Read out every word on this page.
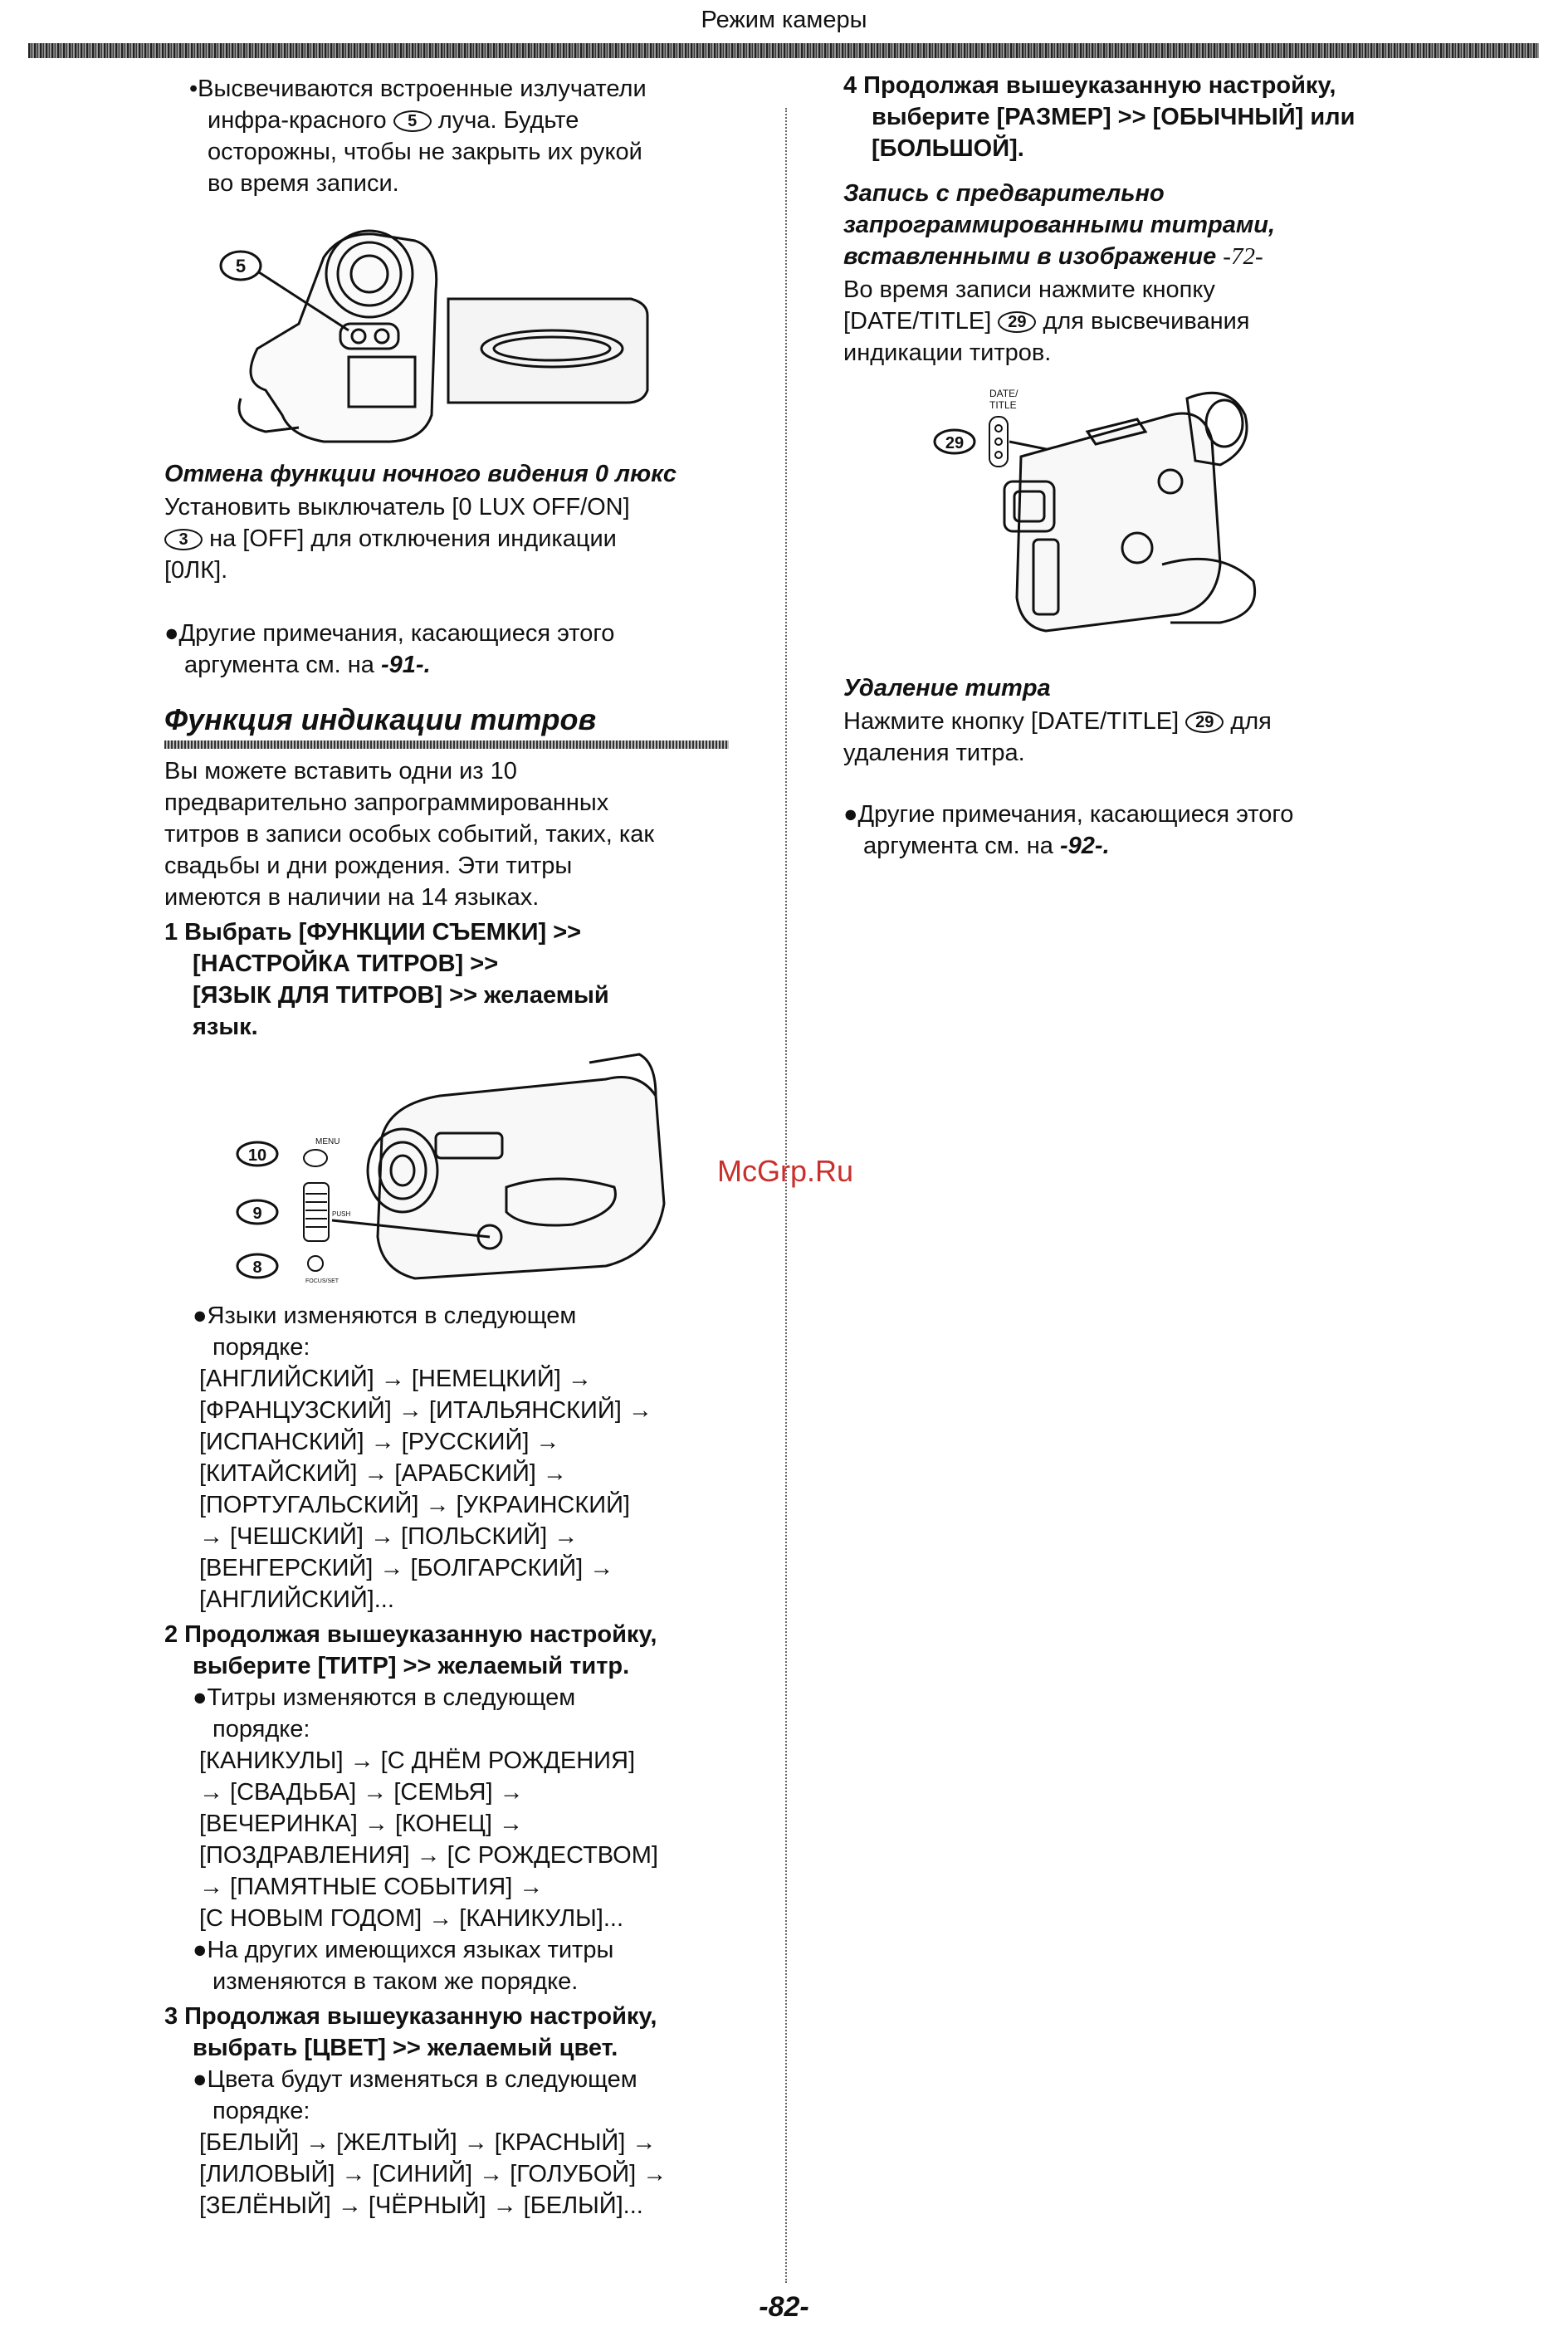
Режим камеры
•Высвечиваются встроенные излучатели
инфра-красного 5 луча. Будьте
осторожны, чтобы не закрыть их рукой
во время записи.
5
Отмена функции ночного видения 0 люкс
Установить выключатель [0 LUX OFF/ON]
3 на [OFF] для отключения индикации
[0ЛК].
●Другие примечания, касающиеся этого
аргумента см. на -91-.
Функция индикации титров
Вы можете вставить одни из 10
предварительно запрограммированных
титров в записи особых событий, таких, как
свадьбы и дни рождения. Эти титры
имеются в наличии на 14 языках.
1 Выбрать [ФУНКЦИИ СЪЕМКИ] >>
[НАСТРОЙКА ТИТРОВ] >>
[ЯЗЫК ДЛЯ ТИТРОВ] >> желаемый
язык.
10
9
8
MENU
PUSH
FOCUS/SET
●Языки изменяются в следующем
порядке:
[АНГЛИЙСКИЙ] → [НЕМЕЦКИЙ] →
[ФРАНЦУЗСКИЙ] → [ИТАЛЬЯНСКИЙ] →
[ИСПАНСКИЙ] → [РУССКИЙ] →
[КИТАЙСКИЙ] → [АРАБСКИЙ] →
[ПОРТУГАЛЬСКИЙ] → [УКРАИНСКИЙ]
→ [ЧЕШСКИЙ] → [ПОЛЬСКИЙ] →
[ВЕНГЕРСКИЙ] → [БОЛГАРСКИЙ] →
[АНГЛИЙСКИЙ]...
2 Продолжая вышеуказанную настройку,
выберите [ТИТР] >> желаемый титр.
●Титры изменяются в следующем
порядке:
[КАНИКУЛЫ] → [С ДНЁМ РОЖДЕНИЯ]
→ [СВАДЬБА] → [СЕМЬЯ] →
[ВЕЧЕРИНКА] → [КОНЕЦ] →
[ПОЗДРАВЛЕНИЯ] → [С РОЖДЕСТВОМ]
→ [ПАМЯТНЫЕ СОБЫТИЯ] →
[С НОВЫМ ГОДОМ] → [КАНИКУЛЫ]...
●На других имеющихся языках титры
изменяются в таком же порядке.
3 Продолжая вышеуказанную настройку,
выбрать [ЦВЕТ] >> желаемый цвет.
●Цвета будут изменяться в следующем
порядке:
[БЕЛЫЙ] → [ЖЕЛТЫЙ] → [КРАСНЫЙ] →
[ЛИЛОВЫЙ] → [СИНИЙ] → [ГОЛУБОЙ] →
[ЗЕЛЁНЫЙ] → [ЧЁРНЫЙ] → [БЕЛЫЙ]...
4 Продолжая вышеуказанную настройку,
выберите [РАЗМЕР] >> [ОБЫЧНЫЙ] или
[БОЛЬШОЙ].
Запись с предварительно
запрограммированными титрами,
вставленными в изображение -72-
Во время записи нажмите кнопку
[DATE/TITLE] 29 для высвечивания
индикации титров.
29
DATE/
TITLE
Удаление титра
Нажмите кнопку [DATE/TITLE] 29 для
удаления титра.
●Другие примечания, касающиеся этого
аргумента см. на -92-.
McGrp.Ru
-82-
